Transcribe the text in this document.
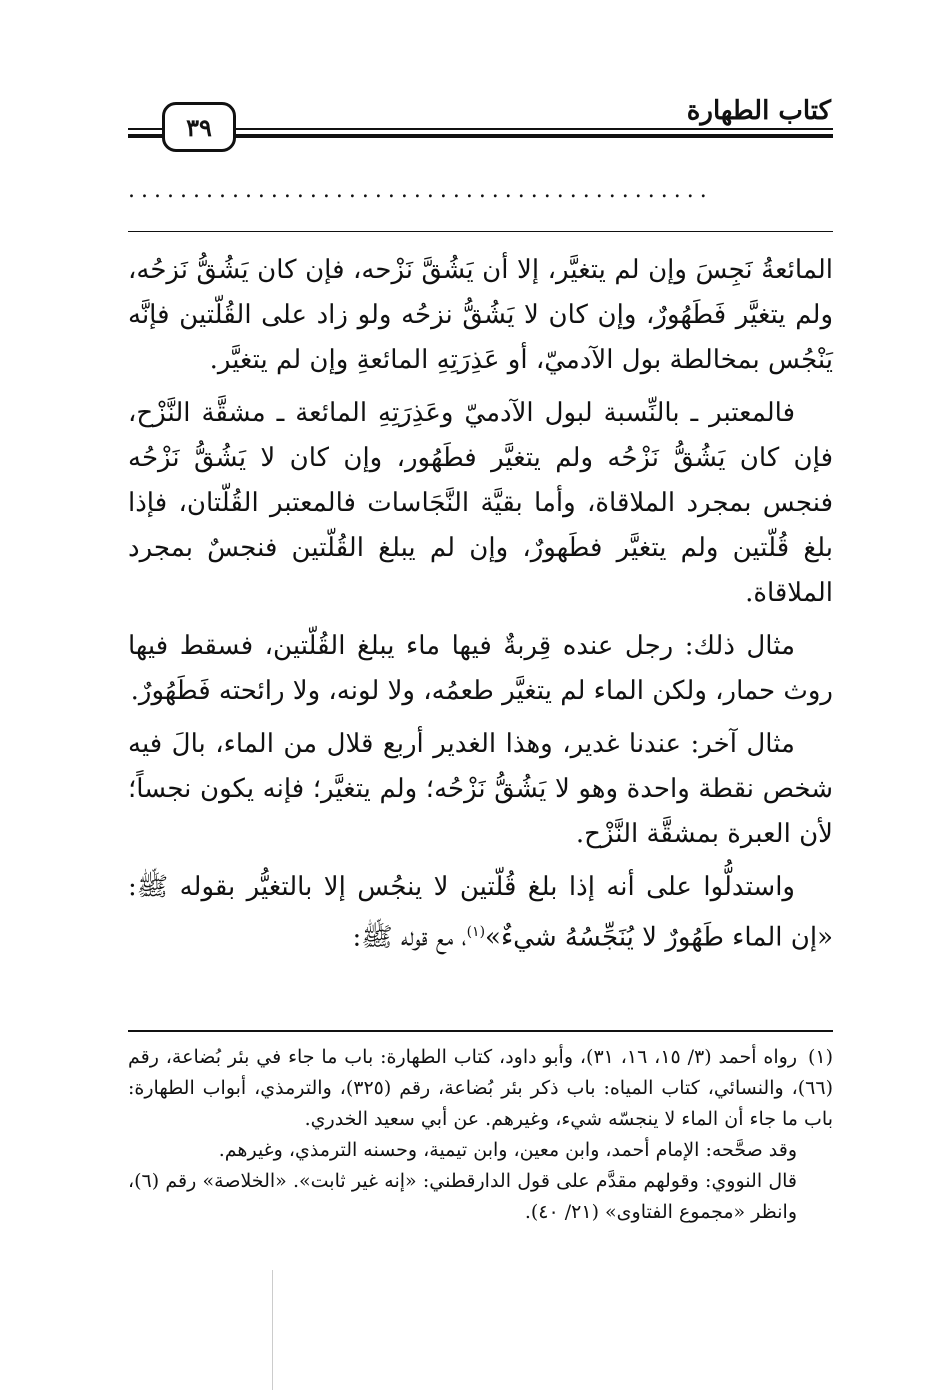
كتاب الطهارة
٣٩
.............................................

المائعةُ نَجِسَ وإن لم يتغيَّر، إلا أن يَشُقَّ نَزْحه، فإن كان يَشُقُّ نَزحُه، ولم يتغيَّر فَطَهُورٌ، وإن كان لا يَشُقُّ نزحُه ولو زاد على القُلّتين فإنَّه يَنْجُس بمخالطة بول الآدميّ، أو عَذِرَتِهِ المائعةِ وإن لم يتغيَّر.

فالمعتبر ـ بالنِّسبة لبول الآدميّ وعَذِرَتِهِ المائعة ـ مشقَّة النَّزْح، فإن كان يَشُقُّ نَزْحُه ولم يتغيَّر فطَهُور، وإن كان لا يَشُقُّ نَزْحُه فنجس بمجرد الملاقاة، وأما بقيَّة النَّجَاسات فالمعتبر القُلّتان، فإذا بلغ قُلّتين ولم يتغيَّر فطَهورٌ، وإن لم يبلغ القُلّتين فنجسٌ بمجرد الملاقاة.

مثال ذلك: رجل عنده قِربةٌ فيها ماء يبلغ القُلّتين، فسقط فيها روث حمار، ولكن الماء لم يتغيَّر طعمُه، ولا لونه، ولا رائحته فَطَهُورٌ.

مثال آخر: عندنا غدير، وهذا الغدير أربع قلال من الماء، بالَ فيه شخص نقطة واحدة وهو لا يَشُقُّ نَزْحُه؛ ولم يتغيَّر؛ فإنه يكون نجساً؛ لأن العبرة بمشقَّة النَّزْح.

واستدلُّوا على أنه إذا بلغ قُلّتين لا ينجُس إلا بالتغيُّر بقوله ﷺ: «إن الماء طَهُورٌ لا يُنَجِّسُهُ شيءٌ»$^{(١)}$، مع قوله ﷺ:

(١)رواه أحمد (٣/ ١٥، ١٦، ٣١)، وأبو داود، كتاب الطهارة: باب ما جاء في بئر بُضاعة، رقم (٦٦)، والنسائي، كتاب المياه: باب ذكر بئر بُضاعة، رقم (٣٢٥)، والترمذي، أبواب الطهارة: باب ما جاء أن الماء لا ينجسّه شيء، وغيرهم. عن أبي سعيد الخدري.

وقد صحَّحه: الإمام أحمد، وابن معين، وابن تيمية، وحسنه الترمذي، وغيرهم.

قال النووي: وقولهم مقدَّم على قول الدارقطني: «إنه غير ثابت». «الخلاصة» رقم (٦)، وانظر «مجموع الفتاوى» (٢١/ ٤٠).
